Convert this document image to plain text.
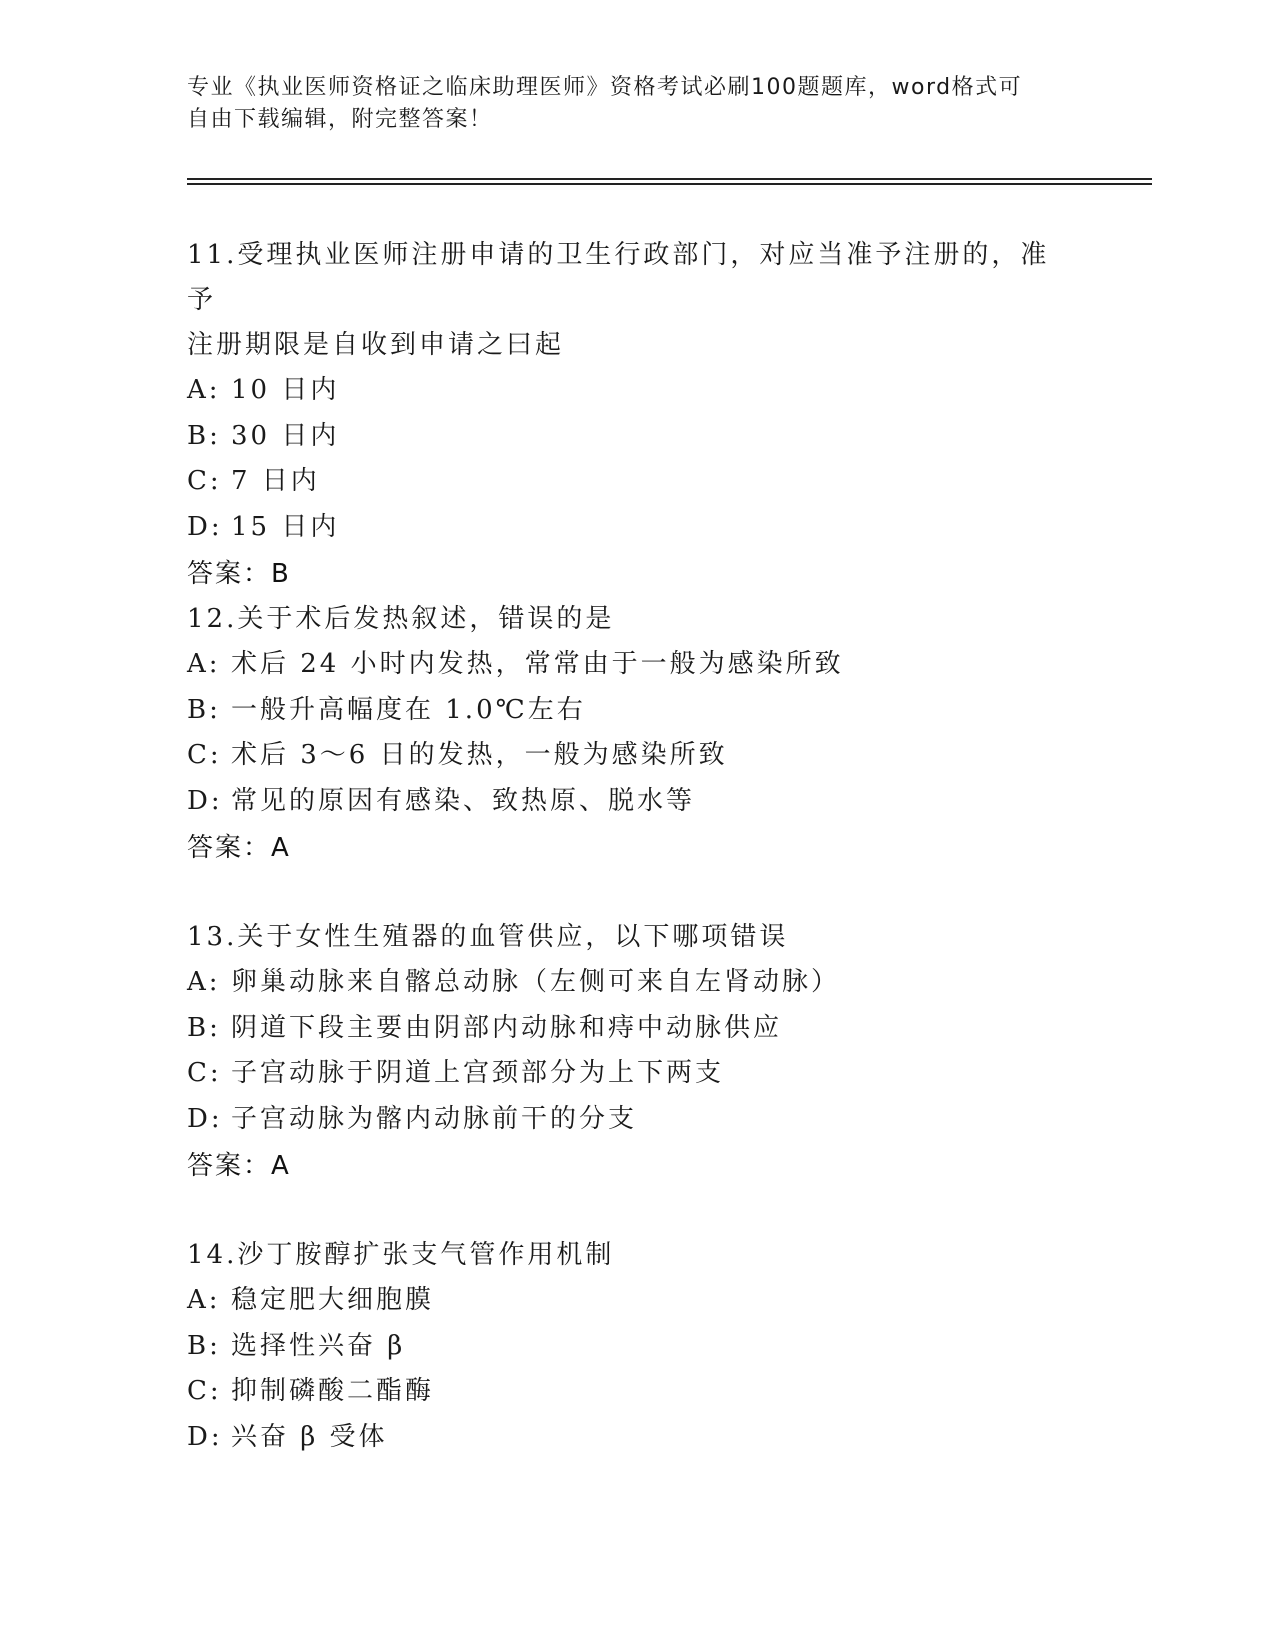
专业《执业医师资格证之临床助理医师》资格考试必刷100题题库，word格式可
自由下载编辑，附完整答案！

11.受理执业医师注册申请的卫生行政部门，对应当准予注册的，准予
注册期限是自收到申请之曰起

A: 10 日内

B: 30 日内

C: 7 日内

D: 15 日内

答案：B

12.关于术后发热叙述，错误的是

A: 术后 24 小时内发热，常常由于一般为感染所致

B: 一般升高幅度在 1.0℃左右

C: 术后 3～6 日的发热，一般为感染所致

D: 常见的原因有感染、致热原、脱水等

答案：A

13.关于女性生殖器的血管供应，以下哪项错误

A: 卵巢动脉来自髂总动脉（左侧可来自左肾动脉）

B: 阴道下段主要由阴部内动脉和痔中动脉供应

C: 子宫动脉于阴道上宫颈部分为上下两支

D: 子宫动脉为髂内动脉前干的分支

答案：A

14.沙丁胺醇扩张支气管作用机制

A: 稳定肥大细胞膜

B: 选择性兴奋 β

C: 抑制磷酸二酯酶

D: 兴奋 β 受体
